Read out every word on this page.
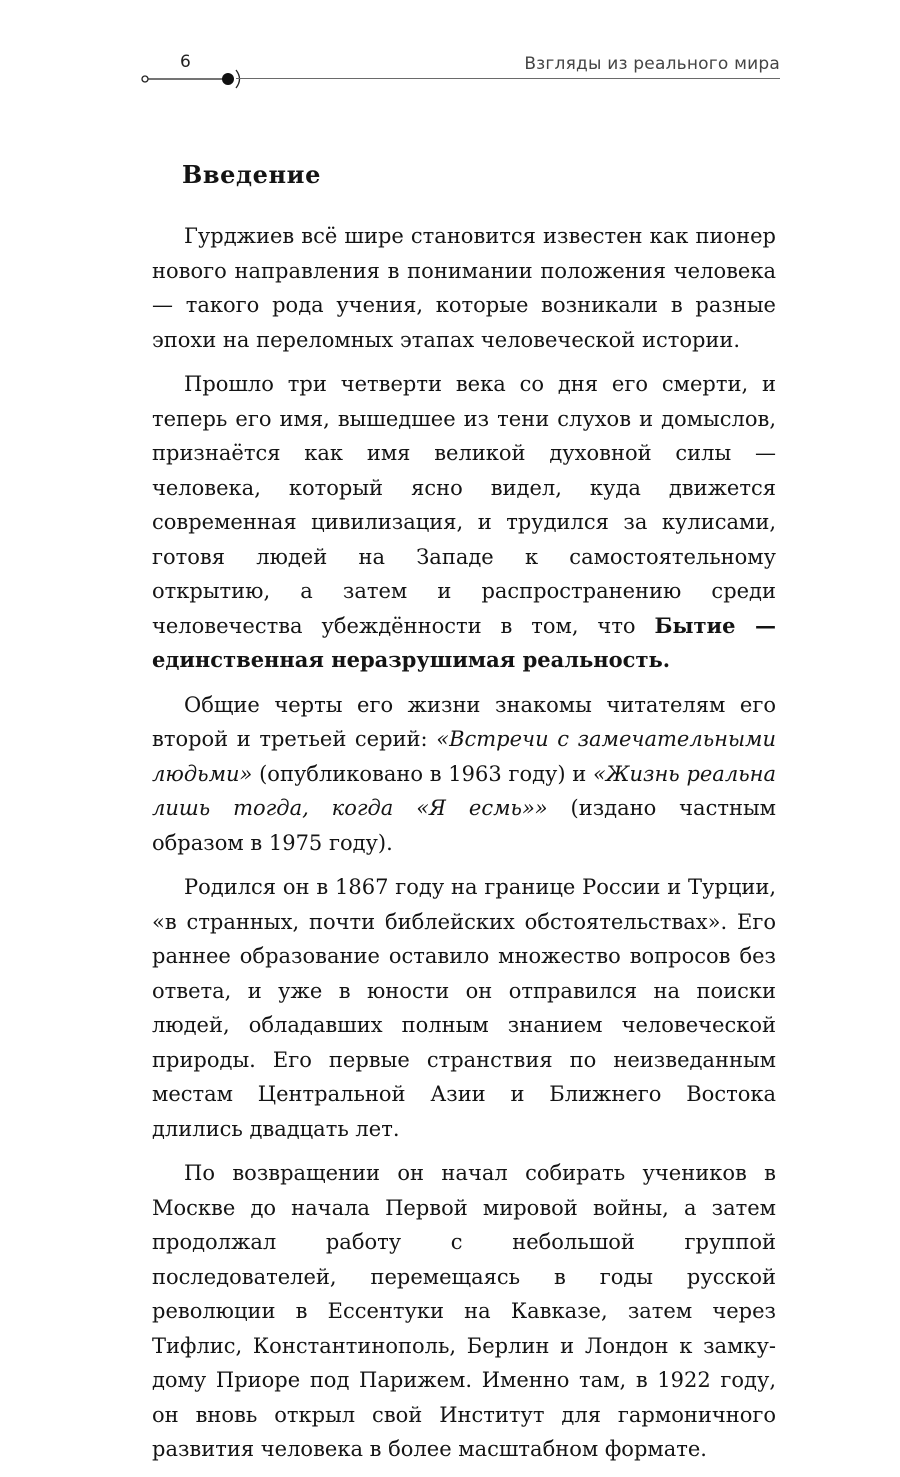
6	Взгляды из реального мира
Введение

Гурджиев всё шире становится известен как пионер нового направления в понимании положения человека — такого рода учения, которые возникали в разные эпохи на переломных этапах человеческой истории.

Прошло три четверти века со дня его смерти, и теперь его имя, вышедшее из тени слухов и домыслов, признаётся как имя великой духовной силы — человека, который ясно видел, куда движется современная цивилизация, и трудился за кулисами, готовя людей на Западе к самостоятельному открытию, а затем и распространению среди человечества убеждённости в том, что Бытие — единственная неразрушимая реальность.

Общие черты его жизни знакомы читателям его второй и третьей серий: «Встречи с замечательными людьми» (опубликовано в 1963 году) и «Жизнь реальна лишь тогда, когда «Я есмь»» (издано частным образом в 1975 году).

Родился он в 1867 году на границе России и Турции, «в странных, почти библейских обстоятельствах». Его раннее образование оставило множество вопросов без ответа, и уже в юности он отправился на поиски людей, обладавших полным знанием человеческой природы. Его первые странствия по неизведанным местам Центральной Азии и Ближнего Востока длились двадцать лет.

По возвращении он начал собирать учеников в Москве до начала Первой мировой войны, а затем продолжал работу с небольшой группой последователей, перемещаясь в годы русской революции в Ессентуки на Кавказе, затем через Тифлис, Константинополь, Берлин и Лондон к замку-дому Приоре под Парижем. Именно там, в 1922 году, он вновь открыл свой Институт для гармоничного развития человека в более масштабном формате.
